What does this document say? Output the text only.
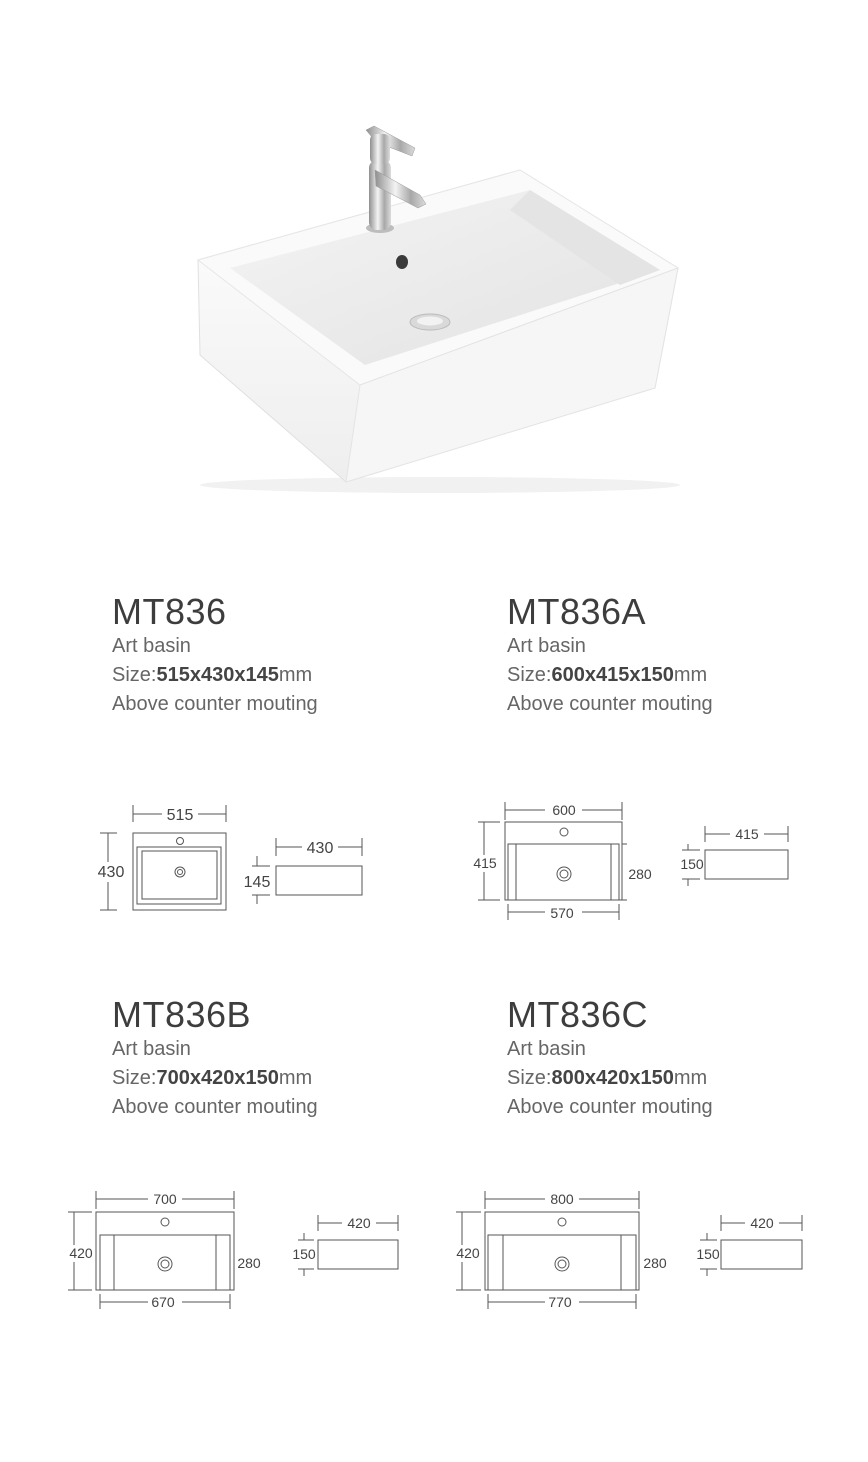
MT836
Art basin
Size:515x430x145mm
Above counter mouting
MT836A
Art basin
Size:600x415x150mm
Above counter mouting
515
430
430
145
600
415
280
570
415
150
MT836B
Art basin
Size:700x420x150mm
Above counter mouting
MT836C
Art basin
Size:800x420x150mm
Above counter mouting
700
420
280
670
420
150
800
420
280
770
420
150
